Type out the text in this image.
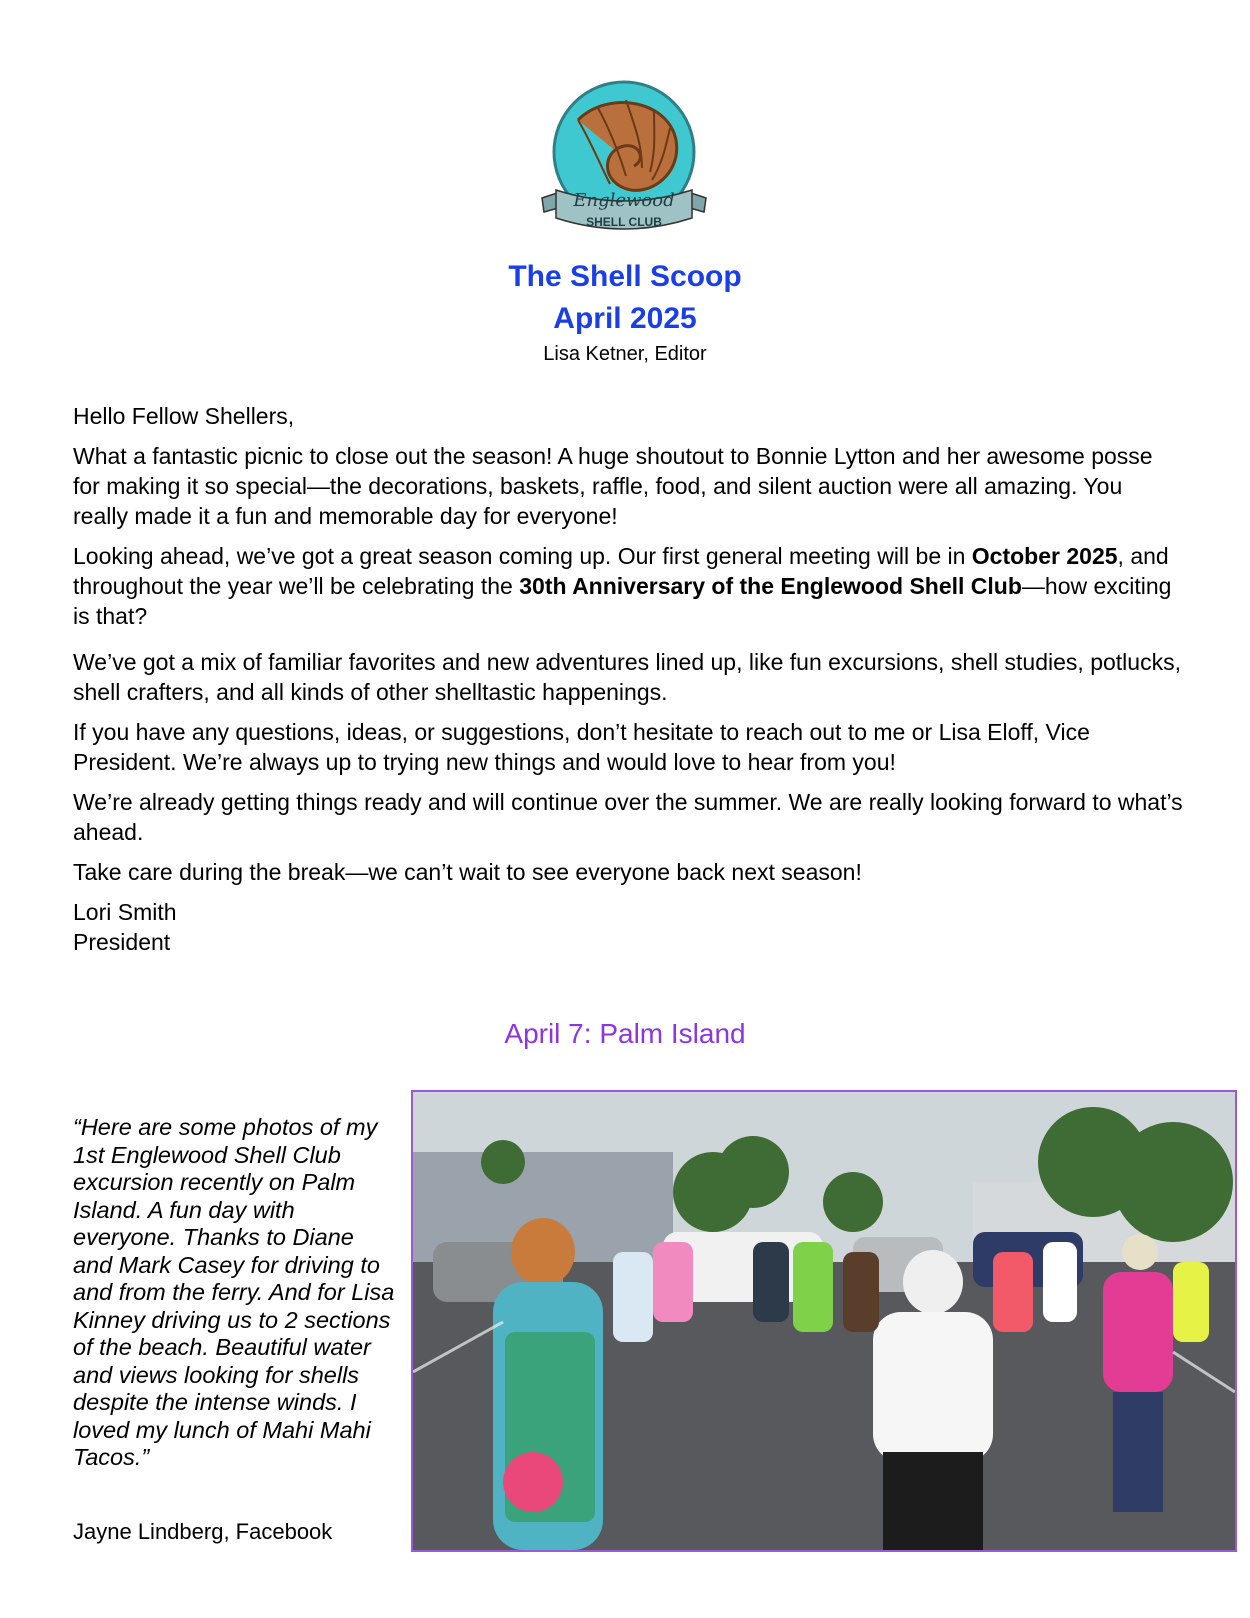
Englewood
SHELL CLUB
The Shell Scoop
April 2025
Lisa Ketner, Editor

Hello Fellow Shellers,

What a fantastic picnic to close out the season! A huge shoutout to Bonnie Lytton and her awesome posse for making it so special—the decorations, baskets, raffle, food, and silent auction were all amazing. You really made it a fun and memorable day for everyone!

Looking ahead, we’ve got a great season coming up. Our first general meeting will be in October 2025, and throughout the year we’ll be celebrating the 30th Anniversary of the Englewood Shell Club—how exciting is that?

We’ve got a mix of familiar favorites and new adventures lined up, like fun excursions, shell studies, potlucks, shell crafters, and all kinds of other shelltastic happenings.

If you have any questions, ideas, or suggestions, don’t hesitate to reach out to me or Lisa Eloff, Vice President. We’re always up to trying new things and would love to hear from you!

We’re already getting things ready and will continue over the summer. We are really looking forward to what’s ahead.

Take care during the break—we can’t wait to see everyone back next season!

Lori Smith
President

April 7: Palm Island
“Here are some photos of my 1st Englewood Shell Club excursion recently on Palm Island. A fun day with everyone. Thanks to Diane and Mark Casey for driving to and from the ferry. And for Lisa Kinney driving us to 2 sections of the beach. Beautiful water and views looking for shells despite the intense winds. I loved my lunch of Mahi Mahi Tacos.”
Jayne Lindberg, Facebook
